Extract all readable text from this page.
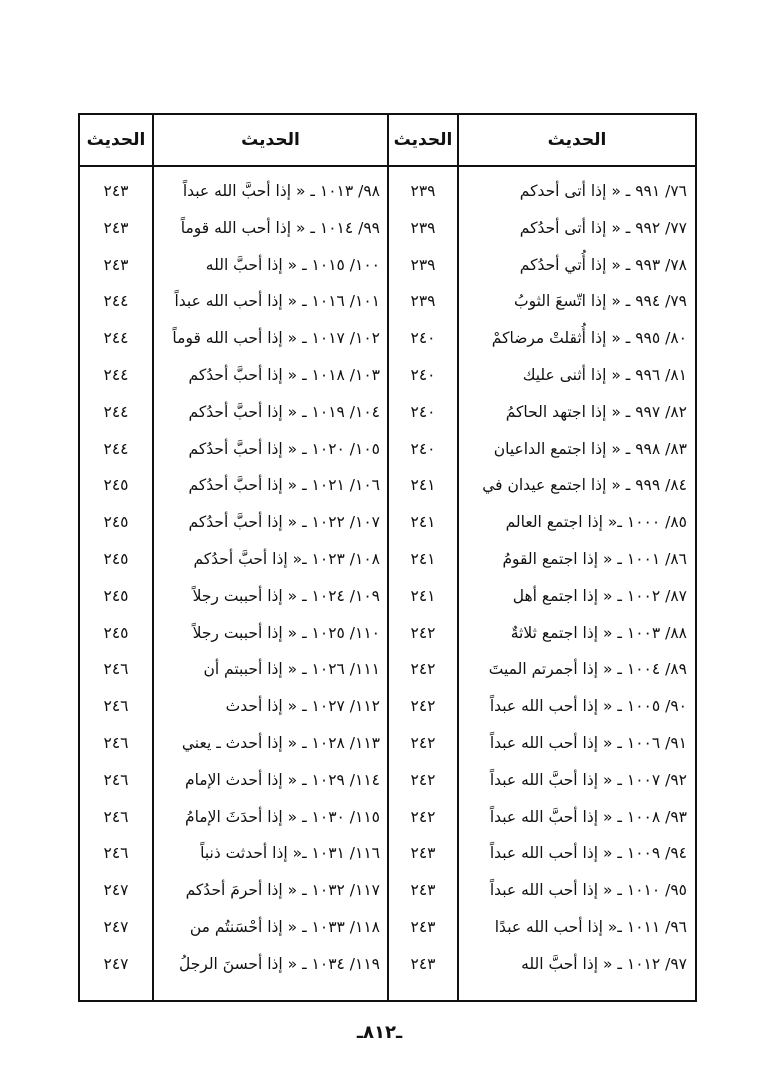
الحديث
الحديث
الحديث
الحديث
٧٦/ ٩٩١ ـ « إذا أتى أحدكم
٢٣٩
٩٨/ ١٠١٣ ـ « إذا أحبَّ الله عبداً
٢٤٣
٧٧/ ٩٩٢ ـ « إذا أتى أحدُكم
٢٣٩
٩٩/ ١٠١٤ ـ « إذا أحب الله قوماً
٢٤٣
٧٨/ ٩٩٣ ـ « إذا أُتي أحدُكم
٢٣٩
١٠٠/ ١٠١٥ ـ « إذا أحبَّ الله
٢٤٣
٧٩/ ٩٩٤ ـ « إذا اتّسعَ الثوبُ
٢٣٩
١٠١/ ١٠١٦ ـ « إذا أحب الله عبداً
٢٤٤
٨٠/ ٩٩٥ ـ « إذا أُثقلتْ مرضاكمْ
٢٤٠
١٠٢/ ١٠١٧ ـ « إذا أحب الله قوماً
٢٤٤
٨١/ ٩٩٦ ـ « إذا أثنى عليك
٢٤٠
١٠٣/ ١٠١٨ ـ « إذا أحبَّ أحدُكم
٢٤٤
٨٢/ ٩٩٧ ـ « إذا اجتهد الحاكمُ
٢٤٠
١٠٤/ ١٠١٩ ـ « إذا أحبَّ أحدُكم
٢٤٤
٨٣/ ٩٩٨ ـ « إذا اجتمع الداعيان
٢٤٠
١٠٥/ ١٠٢٠ ـ « إذا أحبَّ أحدُكم
٢٤٤
٨٤/ ٩٩٩ ـ « إذا اجتمع عيدان في
٢٤١
١٠٦/ ١٠٢١ ـ « إذا أحبَّ أحدُكم
٢٤٥
٨٥/ ١٠٠٠ ـ« إذا اجتمع العالم
٢٤١
١٠٧/ ١٠٢٢ ـ « إذا أحبَّ أحدُكم
٢٤٥
٨٦/ ١٠٠١ ـ « إذا اجتمع القومُ
٢٤١
١٠٨/ ١٠٢٣ ـ« إذا أحبَّ أحدُكم
٢٤٥
٨٧/ ١٠٠٢ ـ « إذا اجتمع أهل
٢٤١
١٠٩/ ١٠٢٤ ـ « إذا أحببت رجلاً
٢٤٥
٨٨/ ١٠٠٣ ـ « إذا اجتمع ثلاثةٌ
٢٤٢
١١٠/ ١٠٢٥ ـ « إذا أحببت رجلاً
٢٤٥
٨٩/ ١٠٠٤ ـ « إذا أجمرتم الميتَ
٢٤٢
١١١/ ١٠٢٦ ـ « إذا أحببتم أن
٢٤٦
٩٠/ ١٠٠٥ ـ « إذا أحب الله عبداً
٢٤٢
١١٢/ ١٠٢٧ ـ « إذا أحدث
٢٤٦
٩١/ ١٠٠٦ ـ « إذا أحب الله عبداً
٢٤٢
١١٣/ ١٠٢٨ ـ « إذا أحدث ـ يعني
٢٤٦
٩٢/ ١٠٠٧ ـ « إذا أحبَّ الله عبداً
٢٤٢
١١٤/ ١٠٢٩ ـ « إذا أحدث الإمام
٢٤٦
٩٣/ ١٠٠٨ ـ « إذا أحبَّ الله عبداً
٢٤٢
١١٥/ ١٠٣٠ ـ « إذا أحدَثَ الإمامُ
٢٤٦
٩٤/ ١٠٠٩ ـ « إذا أحب الله عبداً
٢٤٣
١١٦/ ١٠٣١ ـ« إذا أحدثت ذنباً
٢٤٦
٩٥/ ١٠١٠ ـ « إذا أحب الله عبداً
٢٤٣
١١٧/ ١٠٣٢ ـ « إذا أحرمَ أحدُكم
٢٤٧
٩٦/ ١٠١١ ـ« إذا أحب الله عبدًا
٢٤٣
١١٨/ ١٠٣٣ ـ « إذا أحْسَنتُم من
٢٤٧
٩٧/ ١٠١٢ ـ « إذا أحبَّ الله
٢٤٣
١١٩/ ١٠٣٤ ـ « إذا أحسنَ الرجلُ
٢٤٧
ـ٨١٢ـ
